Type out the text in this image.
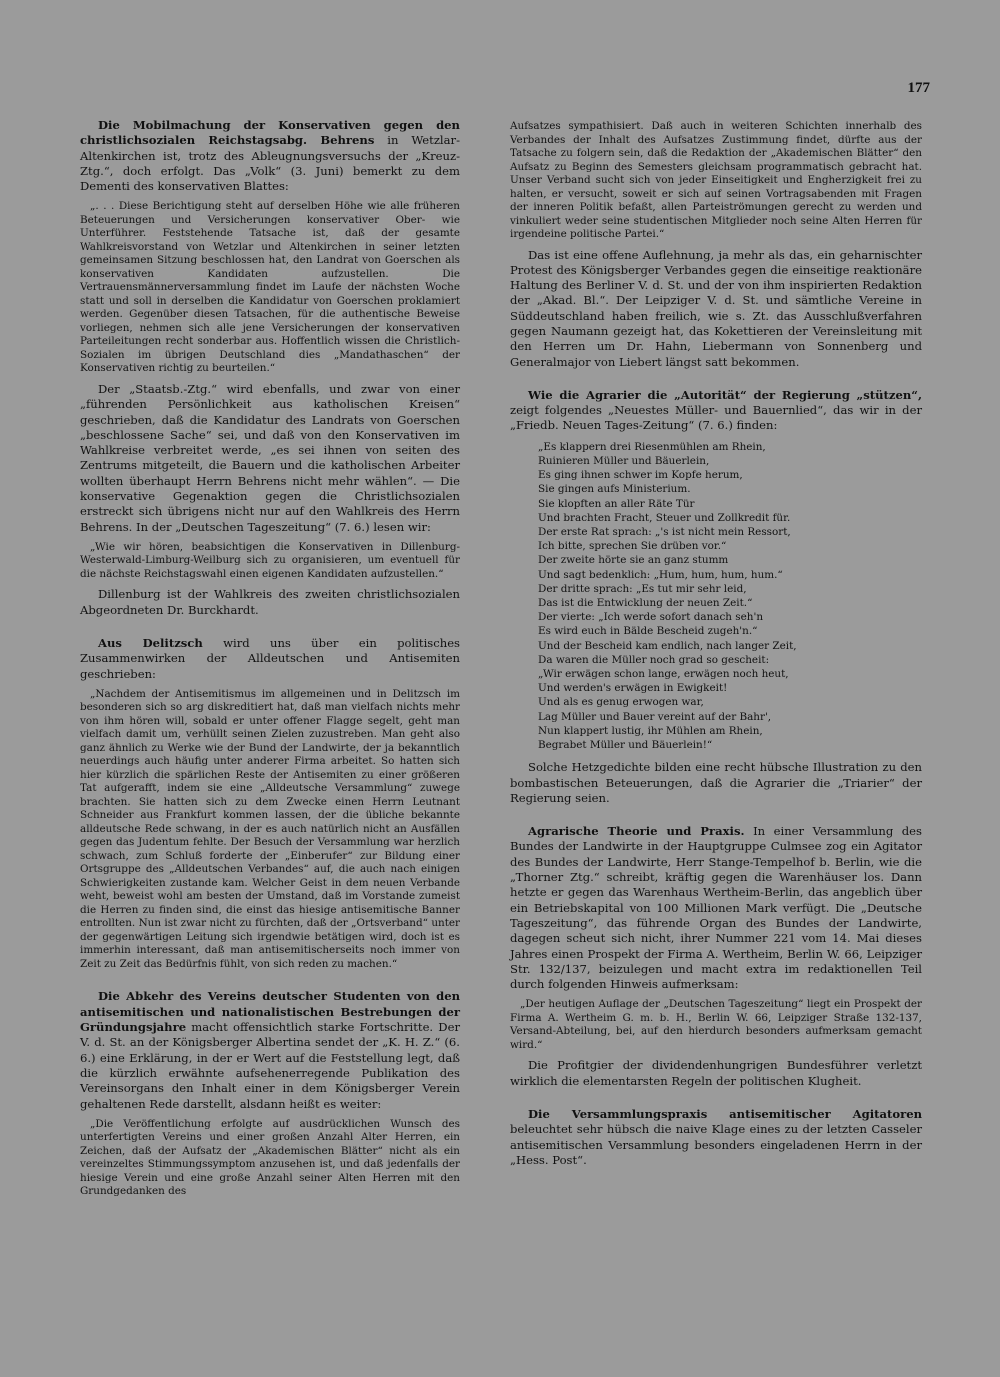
177

Die Mobilmachung der Konservativen gegen den christlichsozialen Reichstagsabg. Behrens in Wetzlar-Altenkirchen ist, trotz des Ableugnungsversuchs der „Kreuz-Ztg.“, doch erfolgt. Das „Volk“ (3. Juni) bemerkt zu dem Dementi des konservativen Blattes:

„. . . Diese Berichtigung steht auf derselben Höhe wie alle früheren Beteuerungen und Versicherungen konservativer Ober- wie Unterführer. Feststehende Tatsache ist, daß der gesamte Wahlkreisvorstand von Wetzlar und Altenkirchen in seiner letzten gemeinsamen Sitzung beschlossen hat, den Landrat von Goerschen als konservativen Kandidaten aufzustellen. Die Vertrauensmännerversammlung findet im Laufe der nächsten Woche statt und soll in derselben die Kandidatur von Goerschen proklamiert werden. Gegenüber diesen Tatsachen, für die authentische Beweise vorliegen, nehmen sich alle jene Versicherungen der konservativen Parteileitungen recht sonderbar aus. Hoffentlich wissen die Christlich-Sozialen im übrigen Deutschland dies „Mandathaschen“ der Konservativen richtig zu beurteilen.“

Der „Staatsb.-Ztg.“ wird ebenfalls, und zwar von einer „führenden Persönlichkeit aus katholischen Kreisen“ geschrieben, daß die Kandidatur des Landrats von Goerschen „beschlossene Sache“ sei, und daß von den Konservativen im Wahlkreise verbreitet werde, „es sei ihnen von seiten des Zentrums mitgeteilt, die Bauern und die katholischen Arbeiter wollten überhaupt Herrn Behrens nicht mehr wählen“. — Die konservative Gegenaktion gegen die Christlichsozialen erstreckt sich übrigens nicht nur auf den Wahlkreis des Herrn Behrens. In der „Deutschen Tageszeitung“ (7. 6.) lesen wir:

„Wie wir hören, beabsichtigen die Konservativen in Dillenburg-Westerwald-Limburg-Weilburg sich zu organisieren, um eventuell für die nächste Reichstagswahl einen eigenen Kandidaten aufzustellen.“

Dillenburg ist der Wahlkreis des zweiten christlichsozialen Abgeordneten Dr. Burckhardt.

Aus Delitzsch wird uns über ein politisches Zusammenwirken der Alldeutschen und Antisemiten geschrieben:

„Nachdem der Antisemitismus im allgemeinen und in Delitzsch im besonderen sich so arg diskreditiert hat, daß man vielfach nichts mehr von ihm hören will, sobald er unter offener Flagge segelt, geht man vielfach damit um, verhüllt seinen Zielen zuzustreben. Man geht also ganz ähnlich zu Werke wie der Bund der Landwirte, der ja bekanntlich neuerdings auch häufig unter anderer Firma arbeitet. So hatten sich hier kürzlich die spärlichen Reste der Antisemiten zu einer größeren Tat aufgerafft, indem sie eine „Alldeutsche Versammlung“ zuwege brachten. Sie hatten sich zu dem Zwecke einen Herrn Leutnant Schneider aus Frankfurt kommen lassen, der die übliche bekannte alldeutsche Rede schwang, in der es auch natürlich nicht an Ausfällen gegen das Judentum fehlte. Der Besuch der Versammlung war herzlich schwach, zum Schluß forderte der „Einberufer“ zur Bildung einer Ortsgruppe des „Alldeutschen Verbandes“ auf, die auch nach einigen Schwierigkeiten zustande kam. Welcher Geist in dem neuen Verbande weht, beweist wohl am besten der Umstand, daß im Vorstande zumeist die Herren zu finden sind, die einst das hiesige antisemitische Banner entrollten. Nun ist zwar nicht zu fürchten, daß der „Ortsverband“ unter der gegenwärtigen Leitung sich irgendwie betätigen wird, doch ist es immerhin interessant, daß man antisemitischerseits noch immer von Zeit zu Zeit das Bedürfnis fühlt, von sich reden zu machen.“

Die Abkehr des Vereins deutscher Studenten von den antisemitischen und nationalistischen Bestrebungen der Gründungsjahre macht offensichtlich starke Fortschritte. Der V. d. St. an der Königsberger Albertina sendet der „K. H. Z.“ (6. 6.) eine Erklärung, in der er Wert auf die Feststellung legt, daß die kürzlich erwähnte aufsehenerregende Publikation des Vereinsorgans den Inhalt einer in dem Königsberger Verein gehaltenen Rede darstellt, alsdann heißt es weiter:

„Die Veröffentlichung erfolgte auf ausdrücklichen Wunsch des unterfertigten Vereins und einer großen Anzahl Alter Herren, ein Zeichen, daß der Aufsatz der „Akademischen Blätter“ nicht als ein vereinzeltes Stimmungssymptom anzusehen ist, und daß jedenfalls der hiesige Verein und eine große Anzahl seiner Alten Herren mit den Grundgedanken des

Aufsatzes sympathisiert. Daß auch in weiteren Schichten innerhalb des Verbandes der Inhalt des Aufsatzes Zustimmung findet, dürfte aus der Tatsache zu folgern sein, daß die Redaktion der „Akademischen Blätter“ den Aufsatz zu Beginn des Semesters gleichsam programmatisch gebracht hat. Unser Verband sucht sich von jeder Einseitigkeit und Engherzigkeit frei zu halten, er versucht, soweit er sich auf seinen Vortragsabenden mit Fragen der inneren Politik befaßt, allen Parteiströmungen gerecht zu werden und vinkuliert weder seine studentischen Mitglieder noch seine Alten Herren für irgendeine politische Partei.“

Das ist eine offene Auflehnung, ja mehr als das, ein geharnischter Protest des Königsberger Verbandes gegen die einseitige reaktionäre Haltung des Berliner V. d. St. und der von ihm inspirierten Redaktion der „Akad. Bl.“. Der Leipziger V. d. St. und sämtliche Vereine in Süddeutschland haben freilich, wie s. Zt. das Ausschlußverfahren gegen Naumann gezeigt hat, das Kokettieren der Vereinsleitung mit den Herren um Dr. Hahn, Liebermann von Sonnenberg und Generalmajor von Liebert längst satt bekommen.

Wie die Agrarier die „Autorität“ der Regierung „stützen“, zeigt folgendes „Neuestes Müller- und Bauernlied“, das wir in der „Friedb. Neuen Tages-Zeitung“ (7. 6.) finden:

„Es klappern drei Riesenmühlen am Rhein,
Ruinieren Müller und Bäuerlein,
Es ging ihnen schwer im Kopfe herum,
Sie gingen aufs Ministerium.
Sie klopften an aller Räte Tür
Und brachten Fracht, Steuer und Zollkredit für.
Der erste Rat sprach: „'s ist nicht mein Ressort,
Ich bitte, sprechen Sie drüben vor.“
Der zweite hörte sie an ganz stumm
Und sagt bedenklich: „Hum, hum, hum, hum.“
Der dritte sprach: „Es tut mir sehr leid,
Das ist die Entwicklung der neuen Zeit.“
Der vierte: „Ich werde sofort danach seh'n
Es wird euch in Bälde Bescheid zugeh'n.“
Und der Bescheid kam endlich, nach langer Zeit,
Da waren die Müller noch grad so gescheit:
„Wir erwägen schon lange, erwägen noch heut,
Und werden's erwägen in Ewigkeit!
Und als es genug erwogen war,
Lag Müller und Bauer vereint auf der Bahr',
Nun klappert lustig, ihr Mühlen am Rhein,
Begrabet Müller und Bäuerlein!“

Solche Hetzgedichte bilden eine recht hübsche Illustration zu den bombastischen Beteuerungen, daß die Agrarier die „Triarier“ der Regierung seien.

Agrarische Theorie und Praxis. In einer Versammlung des Bundes der Landwirte in der Hauptgruppe Culmsee zog ein Agitator des Bundes der Landwirte, Herr Stange-Tempelhof b. Berlin, wie die „Thorner Ztg.“ schreibt, kräftig gegen die Warenhäuser los. Dann hetzte er gegen das Warenhaus Wertheim-Berlin, das angeblich über ein Betriebskapital von 100 Millionen Mark verfügt. Die „Deutsche Tageszeitung“, das führende Organ des Bundes der Landwirte, dagegen scheut sich nicht, ihrer Nummer 221 vom 14. Mai dieses Jahres einen Prospekt der Firma A. Wertheim, Berlin W. 66, Leipziger Str. 132/137, beizulegen und macht extra im redaktionellen Teil durch folgenden Hinweis aufmerksam:

„Der heutigen Auflage der „Deutschen Tageszeitung“ liegt ein Prospekt der Firma A. Wertheim G. m. b. H., Berlin W. 66, Leipziger Straße 132-137, Versand-Abteilung, bei, auf den hierdurch besonders aufmerksam gemacht wird.“

Die Profitgier der dividendenhungrigen Bundesführer verletzt wirklich die elementarsten Regeln der politischen Klugheit.

Die Versammlungspraxis antisemitischer Agitatoren beleuchtet sehr hübsch die naive Klage eines zu der letzten Casseler antisemitischen Versammlung besonders eingeladenen Herrn in der „Hess. Post“.
